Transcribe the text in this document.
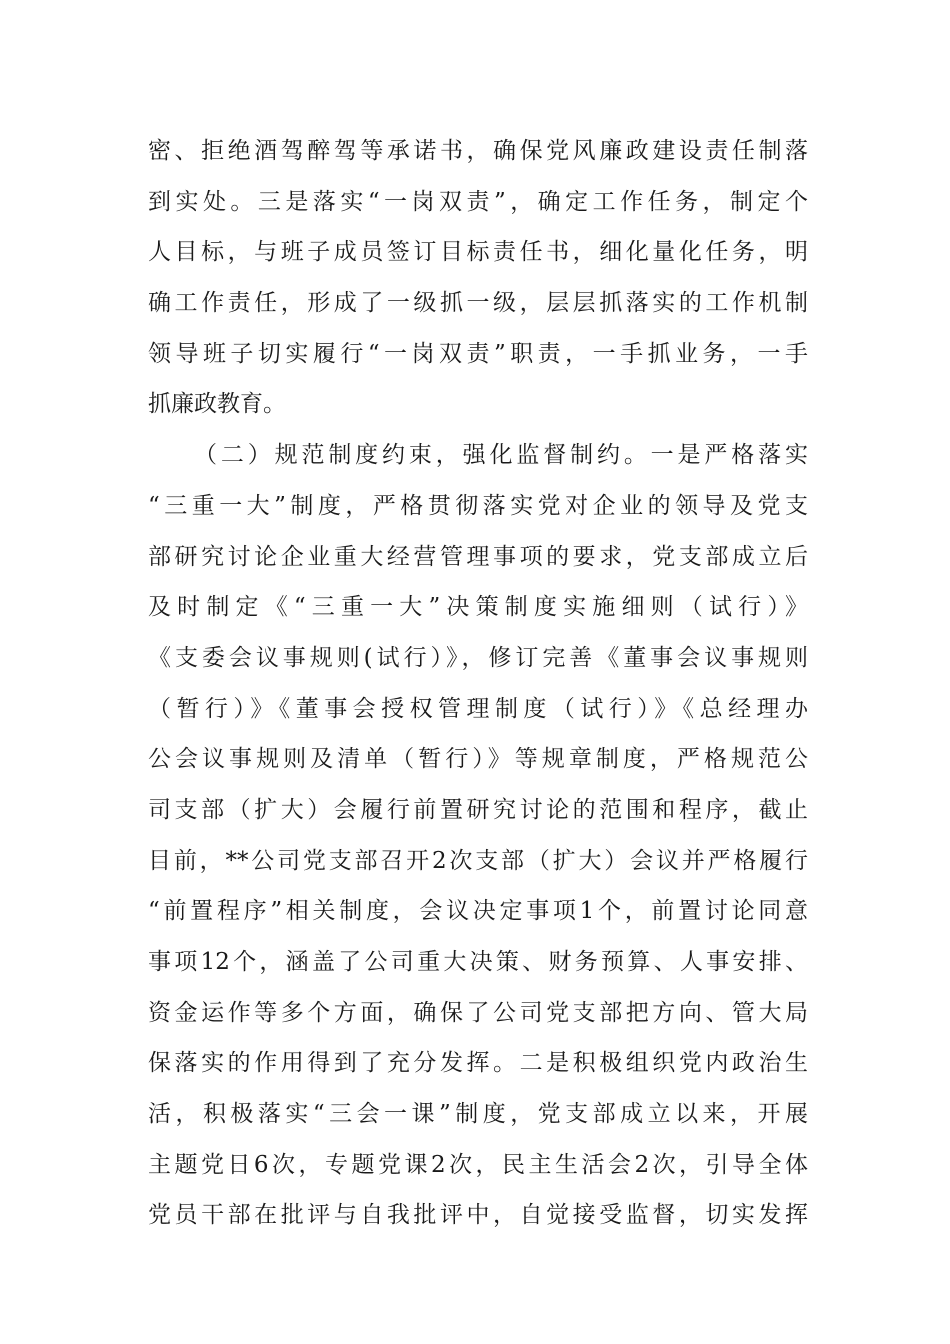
密、拒绝酒驾醉驾等承诺书，确保党风廉政建设责任制落
到实处。三是落实“一岗双责”，确定工作任务，制定个
人目标，与班子成员签订目标责任书，细化量化任务，明
确工作责任，形成了一级抓一级，层层抓落实的工作机制
领导班子切实履行“一岗双责”职责，一手抓业务，一手
抓廉政教育。
（二）规范制度约束，强化监督制约。一是严格落实
“三重一大”制度，严格贯彻落实党对企业的领导及党支
部研究讨论企业重大经营管理事项的要求，党支部成立后
及时制定《“三重一大”决策制度实施细则（试行）》
《支委会议事规则(试行）》，修订完善《董事会议事规则
（暂行）》《董事会授权管理制度（试行）》《总经理办
公会议事规则及清单（暂行）》等规章制度，严格规范公
司支部（扩大）会履行前置研究讨论的范围和程序，截止
目前，**公司党支部召开2次支部（扩大）会议并严格履行
“前置程序”相关制度，会议决定事项1个，前置讨论同意
事项12个，涵盖了公司重大决策、财务预算、人事安排、
资金运作等多个方面，确保了公司党支部把方向、管大局
保落实的作用得到了充分发挥。二是积极组织党内政治生
活，积极落实“三会一课”制度，党支部成立以来，开展
主题党日6次，专题党课2次，民主生活会2次，引导全体
党员干部在批评与自我批评中，自觉接受监督，切实发挥
